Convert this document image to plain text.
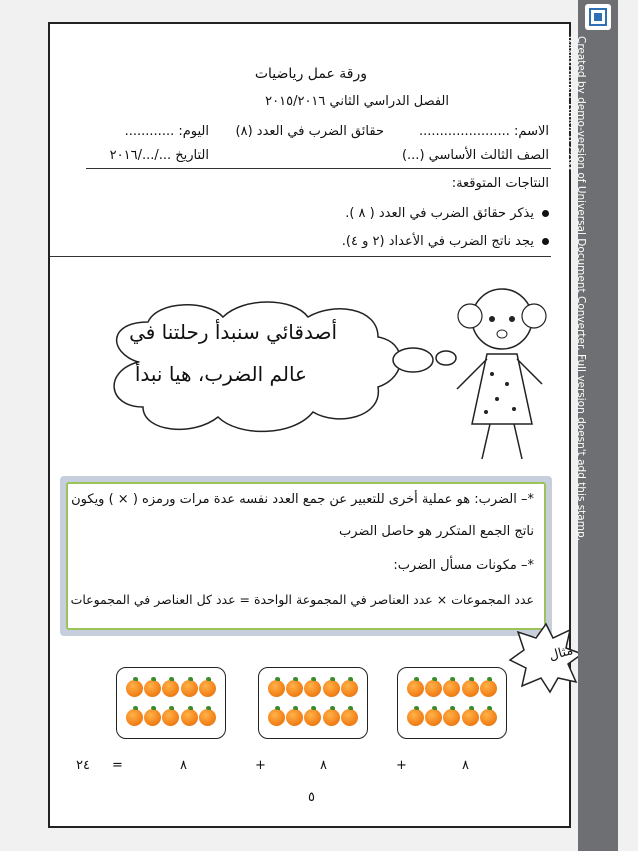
ورقة عمل رياضيات
الفصل الدراسي الثاني ٢٠١٥/٢٠١٦
الاسم: ......................
حقائق الضرب في العدد (٨)
اليوم: ............
الصف الثالث الأساسي (...)
التاريخ .../.../٢٠١٦
النتاجات المتوقعة:
يذكر حقائق الضرب في العدد ( ٨ ).
يجد ناتج الضرب في الأعداد (٢ و ٤).
أصدقائي سنبدأ رحلتنا في
عالم الضرب، هيا نبدأ
*– الضرب: هو عملية أخرى للتعبير عن جمع العدد نفسه عدة مرات ورمزه ( × ) ويكون
ناتج الجمع المتكرر هو حاصل الضرب
*– مكونات مسأل الضرب:
عدد المجموعات × عدد العناصر في المجموعة الواحدة = عدد كل العناصر في المجموعات
مثال
٨
+
٨
+
٨
=
٢٤
٥
Created by demo-version of Universal Document Converter. Full version doesn't add this stamp.
WWW.PRINT-DRIVER.COM
